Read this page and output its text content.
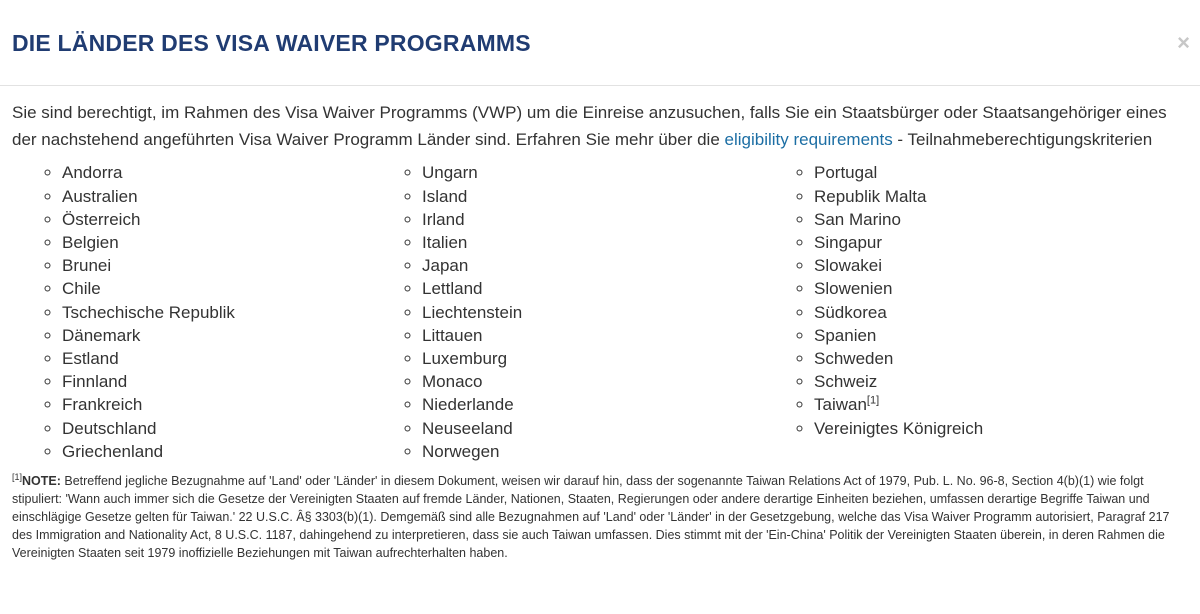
×
DIE LÄNDER DES VISA WAIVER PROGRAMMS

Sie sind berechtigt, im Rahmen des Visa Waiver Programms (VWP) um die Einreise anzusuchen, falls Sie ein Staatsbürger oder Staatsangehöriger eines der nachstehend angeführten Visa Waiver Programm Länder sind. Erfahren Sie mehr über die eligibility requirements - Teilnahmeberechtigungskriterien

◦ Andorra
◦ Australien
◦ Österreich
◦ Belgien
◦ Brunei
◦ Chile
◦ Tschechische Republik
◦ Dänemark
◦ Estland
◦ Finnland
◦ Frankreich
◦ Deutschland
◦ Griechenland
◦ Ungarn
◦ Island
◦ Irland
◦ Italien
◦ Japan
◦ Lettland
◦ Liechtenstein
◦ Littauen
◦ Luxemburg
◦ Monaco
◦ Niederlande
◦ Neuseeland
◦ Norwegen
◦ Portugal
◦ Republik Malta
◦ San Marino
◦ Singapur
◦ Slowakei
◦ Slowenien
◦ Südkorea
◦ Spanien
◦ Schweden
◦ Schweiz
◦ Taiwan[1]
◦ Vereinigtes Königreich

[1]NOTE: Betreffend jegliche Bezugnahme auf 'Land' oder 'Länder' in diesem Dokument, weisen wir darauf hin, dass der sogenannte Taiwan Relations Act of 1979, Pub. L. No. 96-8, Section 4(b)(1) wie folgt stipuliert: 'Wann auch immer sich die Gesetze der Vereinigten Staaten auf fremde Länder, Nationen, Staaten, Regierungen oder andere derartige Einheiten beziehen, umfassen derartige Begriffe Taiwan und einschlägige Gesetze gelten für Taiwan.' 22 U.S.C. Â§ 3303(b)(1). Demgemäß sind alle Bezugnahmen auf 'Land' oder 'Länder' in der Gesetzgebung, welche das Visa Waiver Programm autorisiert, Paragraf 217 des Immigration and Nationality Act, 8 U.S.C. 1187, dahingehend zu interpretieren, dass sie auch Taiwan umfassen. Dies stimmt mit der 'Ein-China' Politik der Vereinigten Staaten überein, in deren Rahmen die Vereinigten Staaten seit 1979 inoffizielle Beziehungen mit Taiwan aufrechterhalten haben.
